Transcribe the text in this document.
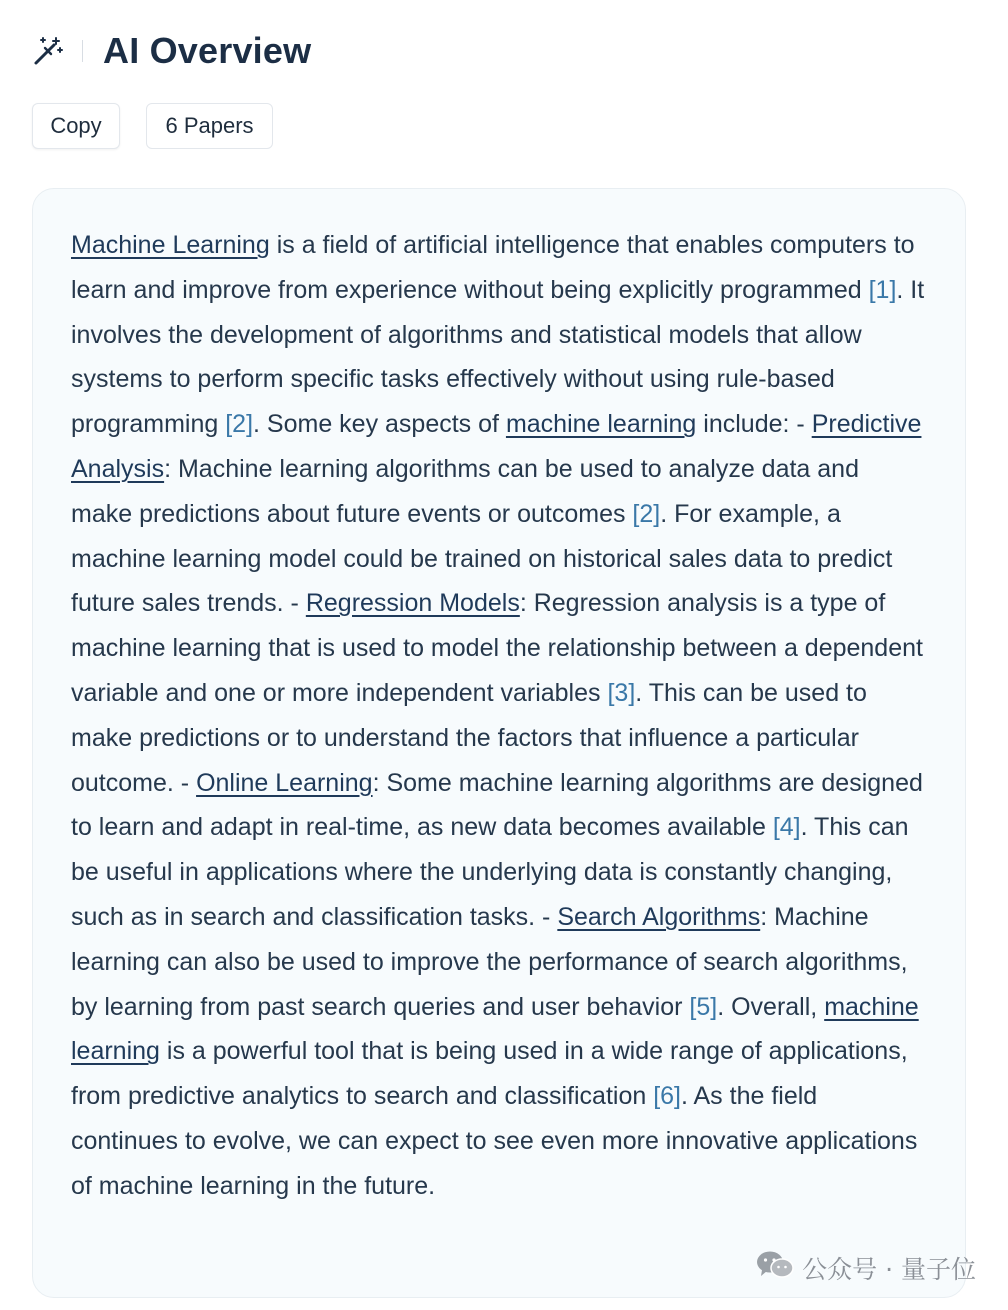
AI Overview
Copy	6 Papers

Machine Learning is a field of artificial intelligence that enables computers to learn and improve from experience without being explicitly programmed [1]. It involves the development of algorithms and statistical models that allow systems to perform specific tasks effectively without using rule-based programming [2]. Some key aspects of machine learning include: - Predictive Analysis: Machine learning algorithms can be used to analyze data and make predictions about future events or outcomes [2]. For example, a machine learning model could be trained on historical sales data to predict future sales trends. - Regression Models: Regression analysis is a type of machine learning that is used to model the relationship between a dependent variable and one or more independent variables [3]. This can be used to make predictions or to understand the factors that influence a particular outcome. - Online Learning: Some machine learning algorithms are designed to learn and adapt in real-time, as new data becomes available [4]. This can be useful in applications where the underlying data is constantly changing, such as in search and classification tasks. - Search Algorithms: Machine learning can also be used to improve the performance of search algorithms, by learning from past search queries and user behavior [5]. Overall, machine learning is a powerful tool that is being used in a wide range of applications, from predictive analytics to search and classification [6]. As the field continues to evolve, we can expect to see even more innovative applications of machine learning in the future.

公众号 · 量子位
